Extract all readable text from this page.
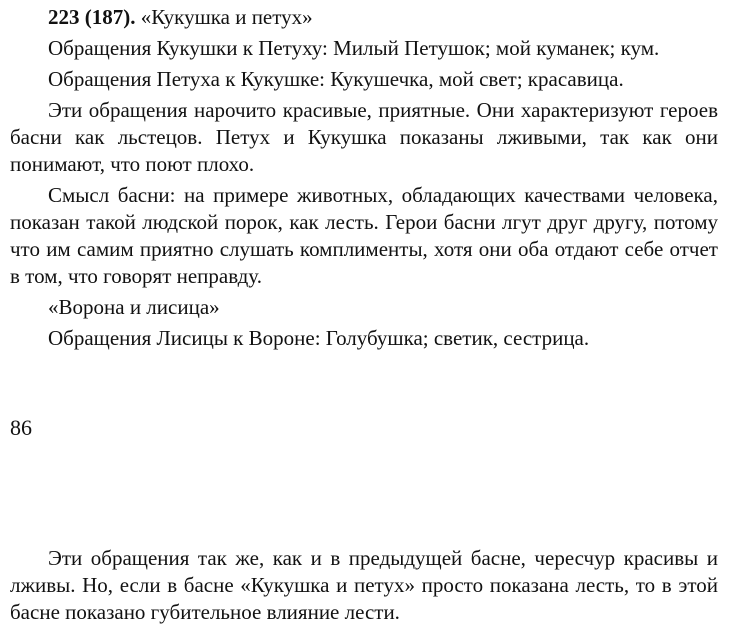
223 (187). «Кукушка и петух»

Обращения Кукушки к Петуху: Милый Петушок; мой куманек; кум.

Обращения Петуха к Кукушке: Кукушечка, мой свет; красавица.

Эти обращения нарочито красивые, приятные. Они характеризуют героев басни как льстецов. Петух и Кукушка показаны лживыми, так как они понимают, что поют плохо.

Смысл басни: на примере животных, обладающих качествами человека, показан такой людской порок, как лесть. Герои басни лгут друг другу, потому что им самим приятно слушать комплименты, хотя они оба отдают себе отчет в том, что говорят неправду.

«Ворона и лисица»

Обращения Лисицы к Вороне: Голубушка; светик, сестрица.

86

Эти обращения так же, как и в предыдущей басне, чересчур красивы и лживы. Но, если в басне «Кукушка и петух» просто показана лесть, то в этой басне показано губительное влияние лести.
